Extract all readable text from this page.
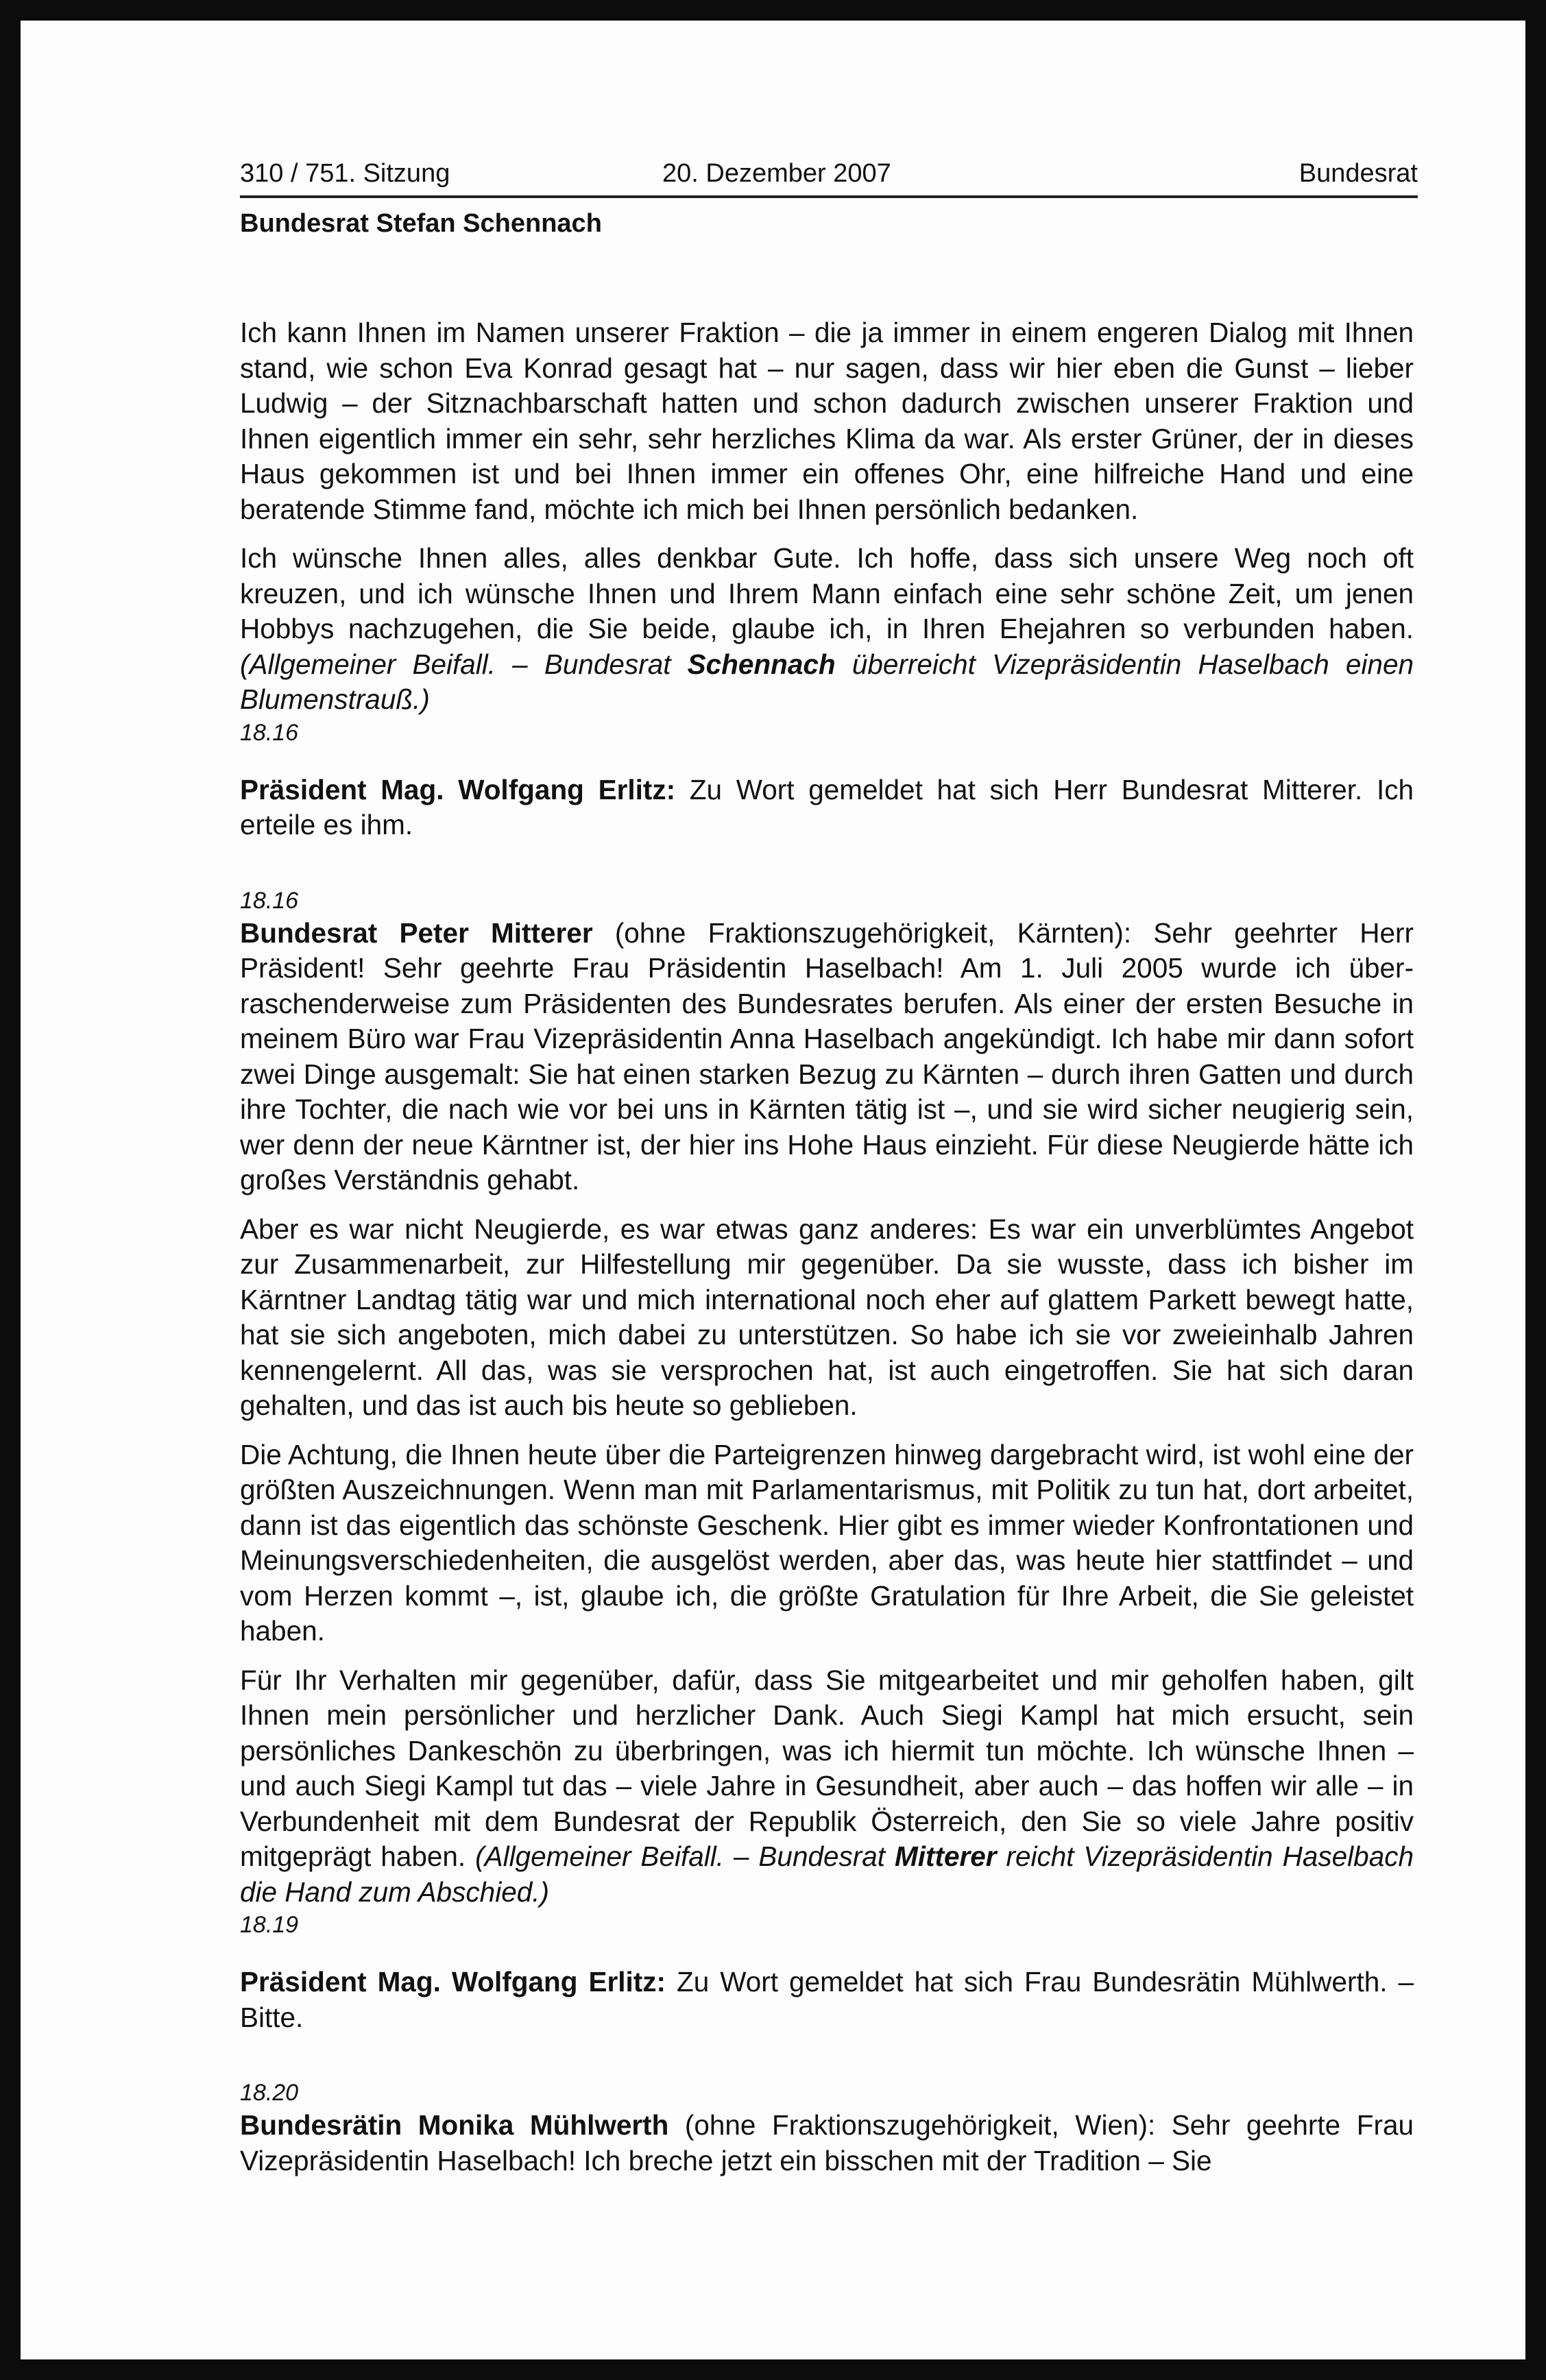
310 / 751. Sitzung	20. Dezember 2007	Bundesrat
Bundesrat Stefan Schennach

Ich kann Ihnen im Namen unserer Fraktion – die ja immer in einem engeren Dialog mit Ihnen stand, wie schon Eva Konrad gesagt hat – nur sagen, dass wir hier eben die Gunst – lieber Ludwig – der Sitznachbarschaft hatten und schon dadurch zwischen unserer Fraktion und Ihnen eigentlich immer ein sehr, sehr herzliches Klima da war. Als erster Grüner, der in dieses Haus gekommen ist und bei Ihnen immer ein offenes Ohr, eine hilfreiche Hand und eine beratende Stimme fand, möchte ich mich bei Ihnen persönlich bedanken.

Ich wünsche Ihnen alles, alles denkbar Gute. Ich hoffe, dass sich unsere Weg noch oft kreuzen, und ich wünsche Ihnen und Ihrem Mann einfach eine sehr schöne Zeit, um jenen Hobbys nachzugehen, die Sie beide, glaube ich, in Ihren Ehejahren so verbunden haben. (Allgemeiner Beifall. – Bundesrat Schennach überreicht Vizepräsidentin Haselbach einen Blumenstrauß.)

18.16

Präsident Mag. Wolfgang Erlitz: Zu Wort gemeldet hat sich Herr Bundesrat Mitterer. Ich erteile es ihm.

18.16

Bundesrat Peter Mitterer (ohne Fraktionszugehörigkeit, Kärnten): Sehr geehrter Herr Präsident! Sehr geehrte Frau Präsidentin Haselbach! Am 1. Juli 2005 wurde ich überraschenderweise zum Präsidenten des Bundesrates berufen. Als einer der ersten Besuche in meinem Büro war Frau Vizepräsidentin Anna Haselbach angekündigt. Ich habe mir dann sofort zwei Dinge ausgemalt: Sie hat einen starken Bezug zu Kärnten – durch ihren Gatten und durch ihre Tochter, die nach wie vor bei uns in Kärnten tätig ist –, und sie wird sicher neugierig sein, wer denn der neue Kärntner ist, der hier ins Hohe Haus einzieht. Für diese Neugierde hätte ich großes Verständnis gehabt.

Aber es war nicht Neugierde, es war etwas ganz anderes: Es war ein unverblümtes Angebot zur Zusammenarbeit, zur Hilfestellung mir gegenüber. Da sie wusste, dass ich bisher im Kärntner Landtag tätig war und mich international noch eher auf glattem Parkett bewegt hatte, hat sie sich angeboten, mich dabei zu unterstützen. So habe ich sie vor zweieinhalb Jahren kennengelernt. All das, was sie versprochen hat, ist auch eingetroffen. Sie hat sich daran gehalten, und das ist auch bis heute so geblieben.

Die Achtung, die Ihnen heute über die Parteigrenzen hinweg dargebracht wird, ist wohl eine der größten Auszeichnungen. Wenn man mit Parlamentarismus, mit Politik zu tun hat, dort arbeitet, dann ist das eigentlich das schönste Geschenk. Hier gibt es immer wieder Konfrontationen und Meinungsverschiedenheiten, die ausgelöst werden, aber das, was heute hier stattfindet – und vom Herzen kommt –, ist, glaube ich, die größte Gratulation für Ihre Arbeit, die Sie geleistet haben.

Für Ihr Verhalten mir gegenüber, dafür, dass Sie mitgearbeitet und mir geholfen haben, gilt Ihnen mein persönlicher und herzlicher Dank. Auch Siegi Kampl hat mich ersucht, sein persönliches Dankeschön zu überbringen, was ich hiermit tun möchte. Ich wünsche Ihnen – und auch Siegi Kampl tut das – viele Jahre in Gesundheit, aber auch – das hoffen wir alle – in Verbundenheit mit dem Bundesrat der Republik Österreich, den Sie so viele Jahre positiv mitgeprägt haben. (Allgemeiner Beifall. – Bundesrat Mitterer reicht Vizepräsidentin Haselbach die Hand zum Abschied.)

18.19

Präsident Mag. Wolfgang Erlitz: Zu Wort gemeldet hat sich Frau Bundesrätin Mühlwerth. – Bitte.

18.20

Bundesrätin Monika Mühlwerth (ohne Fraktionszugehörigkeit, Wien): Sehr geehrte Frau Vizepräsidentin Haselbach! Ich breche jetzt ein bisschen mit der Tradition – Sie
